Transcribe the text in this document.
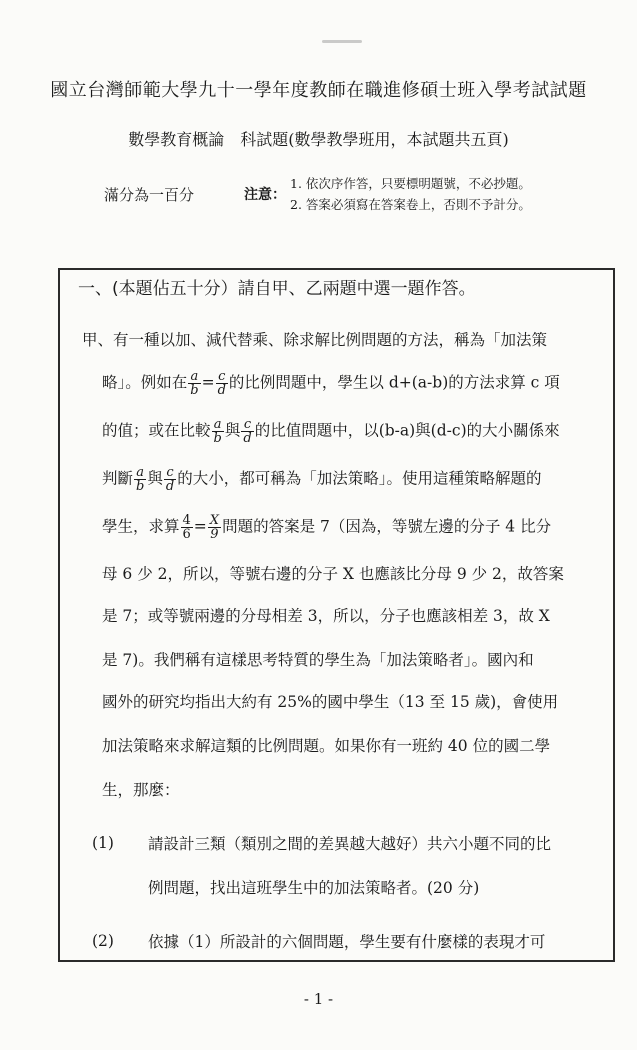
國立台灣師範大學九十一學年度教師在職進修碩士班入學考試試題
數學教育概論　科試題(數學教學班用，本試題共五頁)
滿分為一百分	注意：
1. 依次序作答，只要標明題號，不必抄題。
2. 答案必須寫在答案卷上，否則不予計分。
一、(本題佔五十分）請自甲、乙兩題中選一題作答。
甲、有一種以加、減代替乘、除求解比例問題的方法，稱為「加法策
略」。例如在 $\frac{a}{b} = \frac{c}{d}$ 的比例問題中，學生以 d+(a-b)的方法求算 c 項
的值；或在比較 $\frac{a}{b}$ 與 $\frac{c}{d}$ 的比值問題中，以(b-a)與(d-c)的大小關係來
判斷 $\frac{a}{b}$ 與 $\frac{c}{d}$ 的大小，都可稱為「加法策略」。使用這種策略解題的
學生，求算 $\frac{4}{6} = \frac{X}{9}$ 問題的答案是 7（因為，等號左邊的分子 4 比分
母 6 少 2，所以，等號右邊的分子 X 也應該比分母 9 少 2，故答案
是 7；或等號兩邊的分母相差 3，所以，分子也應該相差 3，故 X
是 7)。我們稱有這樣思考特質的學生為「加法策略者」。國內和
國外的研究均指出大約有 25%的國中學生（13 至 15 歲)，會使用
加法策略來求解這類的比例問題。如果你有一班約 40 位的國二學
生，那麼：
(1) 請設計三類（類別之間的差異越大越好）共六小題不同的比
例問題，找出這班學生中的加法策略者。(20 分)
(2) 依據（1）所設計的六個問題，學生要有什麼樣的表現才可
- 1 -
